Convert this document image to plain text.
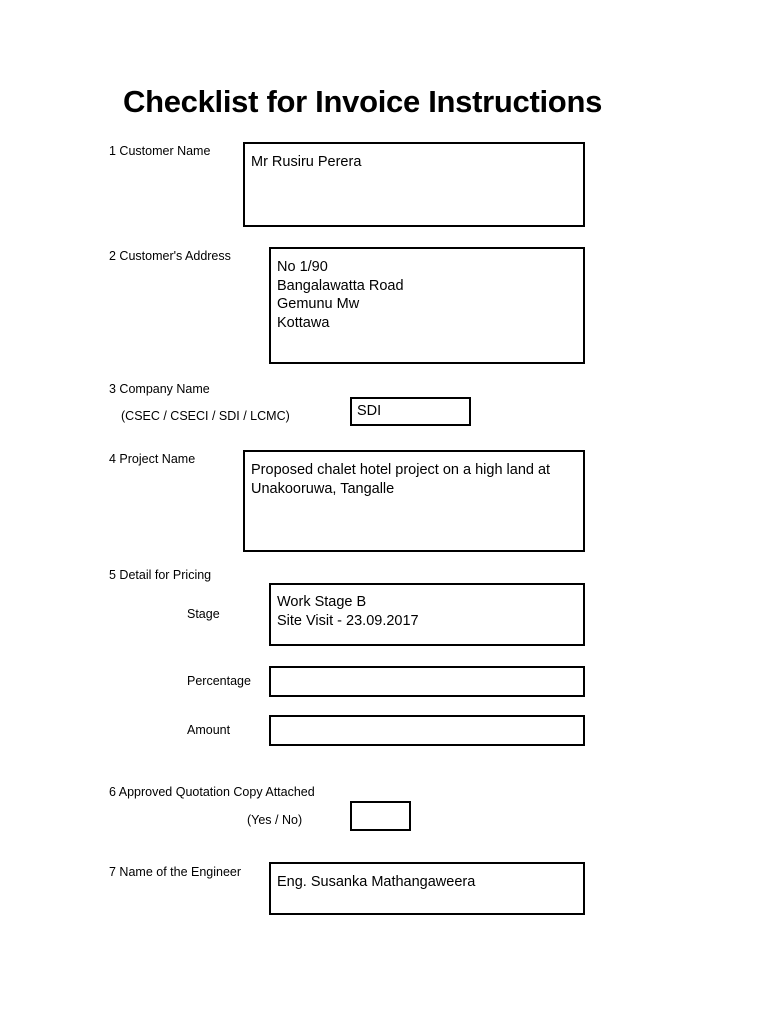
Checklist for Invoice Instructions
1 Customer Name
Mr Rusiru Perera
2 Customer's Address
No 1/90
Bangalawatta Road
Gemunu Mw
Kottawa
3 Company Name
(CSEC / CSECI / SDI / LCMC)	SDI
4 Project Name
Proposed chalet hotel project on a high land at
Unakooruwa, Tangalle
5 Detail for Pricing
Stage
Work Stage B
Site Visit - 23.09.2017
Percentage
Amount
6 Approved Quotation Copy Attached
(Yes / No)
7 Name of the Engineer
Eng. Susanka Mathangaweera
